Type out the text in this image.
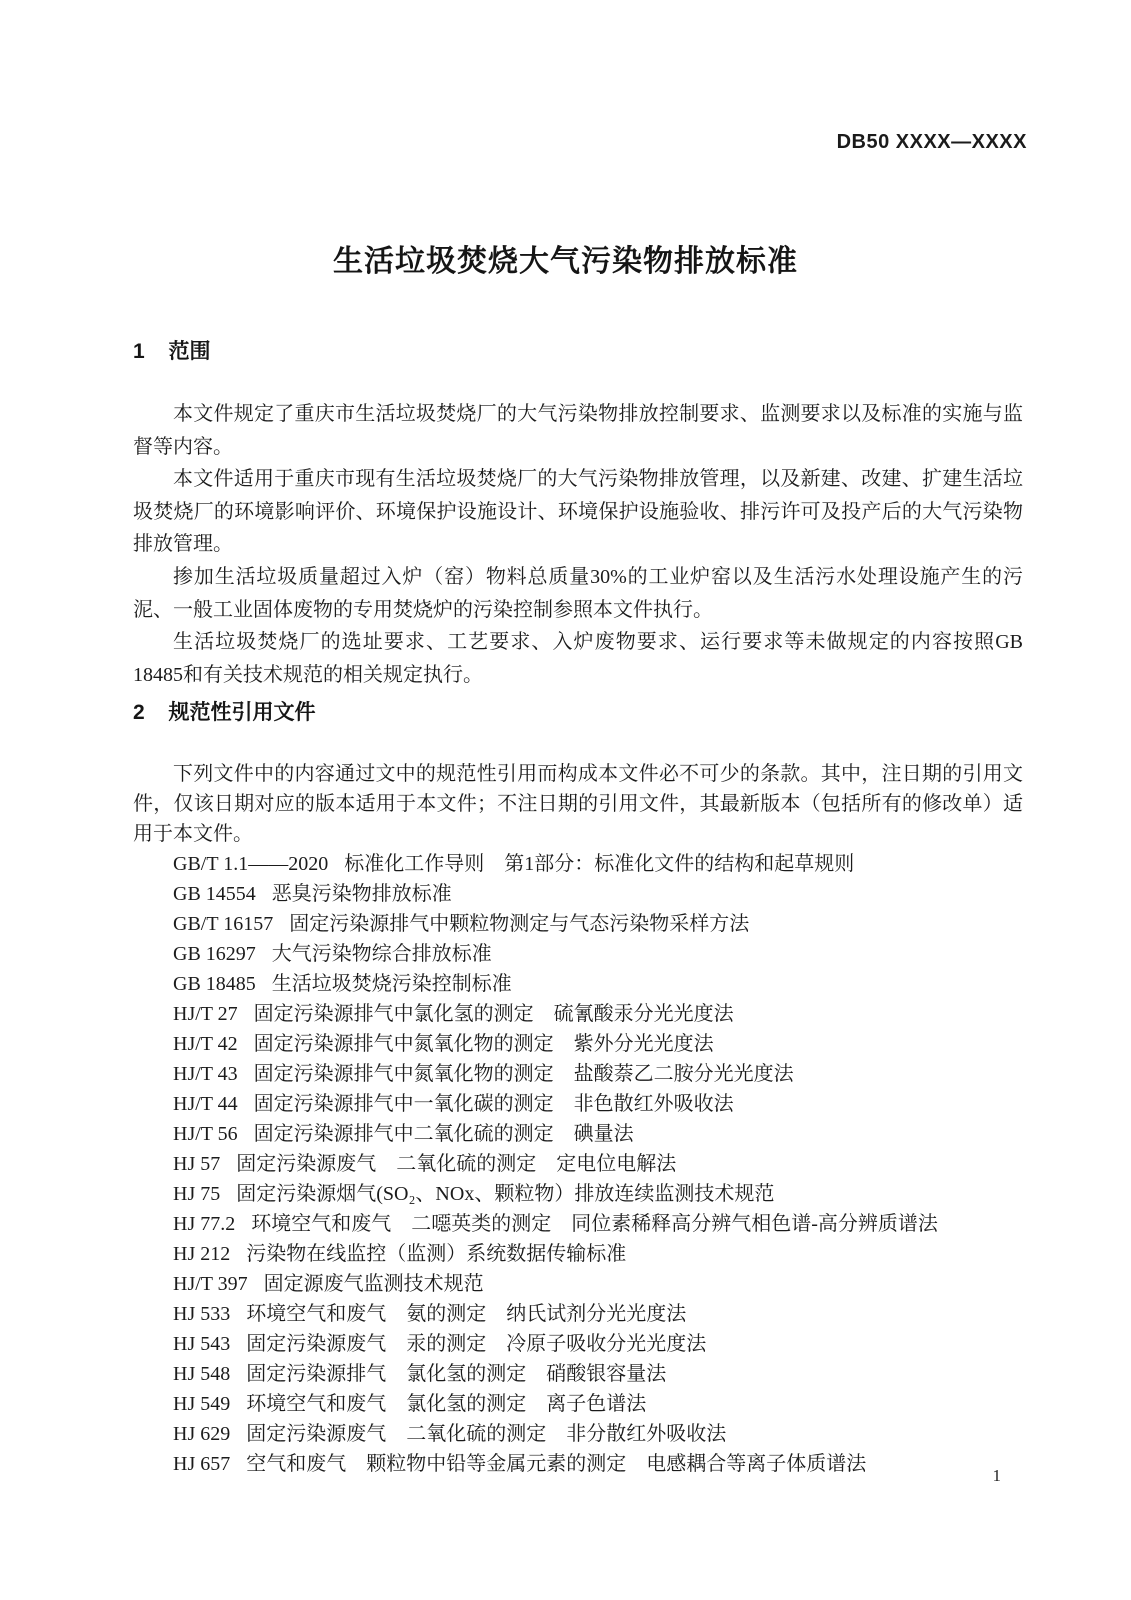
DB50 XXXX—XXXX
生活垃圾焚烧大气污染物排放标准
1 范围

本文件规定了重庆市生活垃圾焚烧厂的大气污染物排放控制要求、监测要求以及标准的实施与监督等内容。

本文件适用于重庆市现有生活垃圾焚烧厂的大气污染物排放管理，以及新建、改建、扩建生活垃圾焚烧厂的环境影响评价、环境保护设施设计、环境保护设施验收、排污许可及投产后的大气污染物排放管理。

掺加生活垃圾质量超过入炉（窑）物料总质量30%的工业炉窑以及生活污水处理设施产生的污泥、一般工业固体废物的专用焚烧炉的污染控制参照本文件执行。

生活垃圾焚烧厂的选址要求、工艺要求、入炉废物要求、运行要求等未做规定的内容按照GB 18485和有关技术规范的相关规定执行。

2 规范性引用文件

下列文件中的内容通过文中的规范性引用而构成本文件必不可少的条款。其中，注日期的引用文件，仅该日期对应的版本适用于本文件；不注日期的引用文件，其最新版本（包括所有的修改单）适用于本文件。

GB/T 1.1——2020 标准化工作导则　第1部分：标准化文件的结构和起草规则
GB 14554 恶臭污染物排放标准
GB/T 16157 固定污染源排气中颗粒物测定与气态污染物采样方法
GB 16297 大气污染物综合排放标准
GB 18485 生活垃圾焚烧污染控制标准
HJ/T 27 固定污染源排气中氯化氢的测定　硫氰酸汞分光光度法
HJ/T 42 固定污染源排气中氮氧化物的测定　紫外分光光度法
HJ/T 43 固定污染源排气中氮氧化物的测定　盐酸萘乙二胺分光光度法
HJ/T 44 固定污染源排气中一氧化碳的测定　非色散红外吸收法
HJ/T 56 固定污染源排气中二氧化硫的测定　碘量法
HJ 57 固定污染源废气　二氧化硫的测定　定电位电解法
HJ 75 固定污染源烟气(SO₂、NOx、颗粒物）排放连续监测技术规范
HJ 77.2 环境空气和废气　二噁英类的测定　同位素稀释高分辨气相色谱-高分辨质谱法
HJ 212 污染物在线监控（监测）系统数据传输标准
HJ/T 397 固定源废气监测技术规范
HJ 533 环境空气和废气　氨的测定　纳氏试剂分光光度法
HJ 543 固定污染源废气　汞的测定　冷原子吸收分光光度法
HJ 548 固定污染源排气　氯化氢的测定　硝酸银容量法
HJ 549 环境空气和废气　氯化氢的测定　离子色谱法
HJ 629 固定污染源废气　二氧化硫的测定　非分散红外吸收法
HJ 657 空气和废气　颗粒物中铅等金属元素的测定　电感耦合等离子体质谱法
1
